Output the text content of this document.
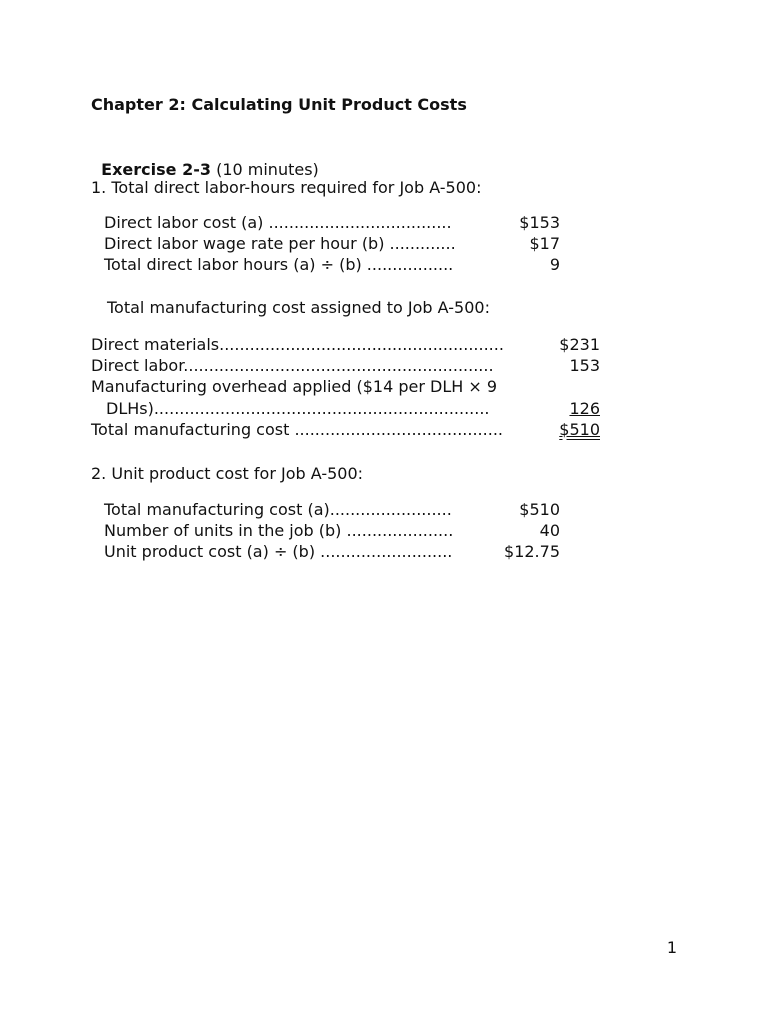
Chapter 2: Calculating Unit Product Costs

Exercise 2-3 (10 minutes)

1. Total direct labor-hours required for Job A-500:
Direct labor cost (a) ....................................	$153
Direct labor wage rate per hour (b) .............	$17
Total direct labor hours (a) ÷ (b) .................	9
Total manufacturing cost assigned to Job A-500:
Direct materials........................................................	$231
Direct labor.............................................................	153
Manufacturing overhead applied ($14 per DLH × 9
DLHs)..................................................................	126
Total manufacturing cost .........................................	$510
2. Unit product cost for Job A-500:
Total manufacturing cost (a)........................	$510
Number of units in the job (b) .....................	40
Unit product cost (a) ÷ (b) ..........................	$12.75
1
